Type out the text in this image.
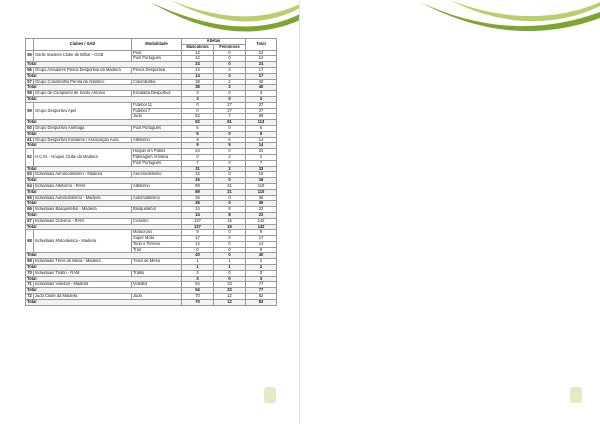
	Clubes / SAD	Modalidade	Atletas		Total
			Masculinos	Femininos	
55	Garlis madeira Clube de Bilhar - GCB	Pool	12	0	12
		Pool Português	12	0	12
Total			24	0	24
56	Grupo Amadores Pesca Desportiva da Madeira	Pesca Desportiva	14	3	17
Total			14	3	17
57	Grupo Columbófilo Pérola da Atlântico	Columbofilia	38	2	40
Total			38	2	40
58	Grupo de Campismo de Santo António	Escalada Desportiva	3	0	3
Total			3	0	3
59	Grupo Desportivo Apel	Futebol 11	0	27	27
		Futebol 7	0	27	27
		Judo	52	7	59
Total			52	61	113
60	Grupo Desportivo Arinhaga	Pool Português	6	0	6
Total			6	0	6
61	Grupo Desportivo Insulares / Associação Aura	Atletismo	9	5	14
Total			9	5	14
62	H.C.M. - Hóquei Clube da Madeira	Hóquei em Patins	24	0	24
		Patinagem Artística	0	2	2
		Pool Português	7	0	7
Total			31	2	33
63	Individuais Aeromodelismo - Madeira	Aeromodelismo	16	0	16
Total			16	0	16
64	Individuais Atletismo - RAM.	Atletismo	89	21	110
Total			89	21	110
65	Individuais Automobilismo - Madeira	Automobilismo	36	0	36
Total			36	0	36
66	Individuais Basquetebol - Madeira	Basquetebol	14	8	22
Total			14	8	22
67	Individuais Ciclismo - RAM.	Ciclismo	127	15	142
Total			127	15	142
68	Individuais Motonáutica - Madeira	Motocross	9	0	9
		Super Moto	17	0	17
		Todo o Terreno	14	0	14
		Trial	0	0	0
Total			40	0	40
69	Individuais Ténis de Mesa - Madeira	Ténis de Mesa	1	1	2
Total			1	1	2
70	Individuais Triatlo - RAM	Triatlo	3	0	3
Total			3	0	3
71	Individuais Voleibol - Madeira	Voleibol	54	23	77
Total			54	23	77
72	Judo Clube da Madeira	Judo	70	12	82
Total			70	12	82
